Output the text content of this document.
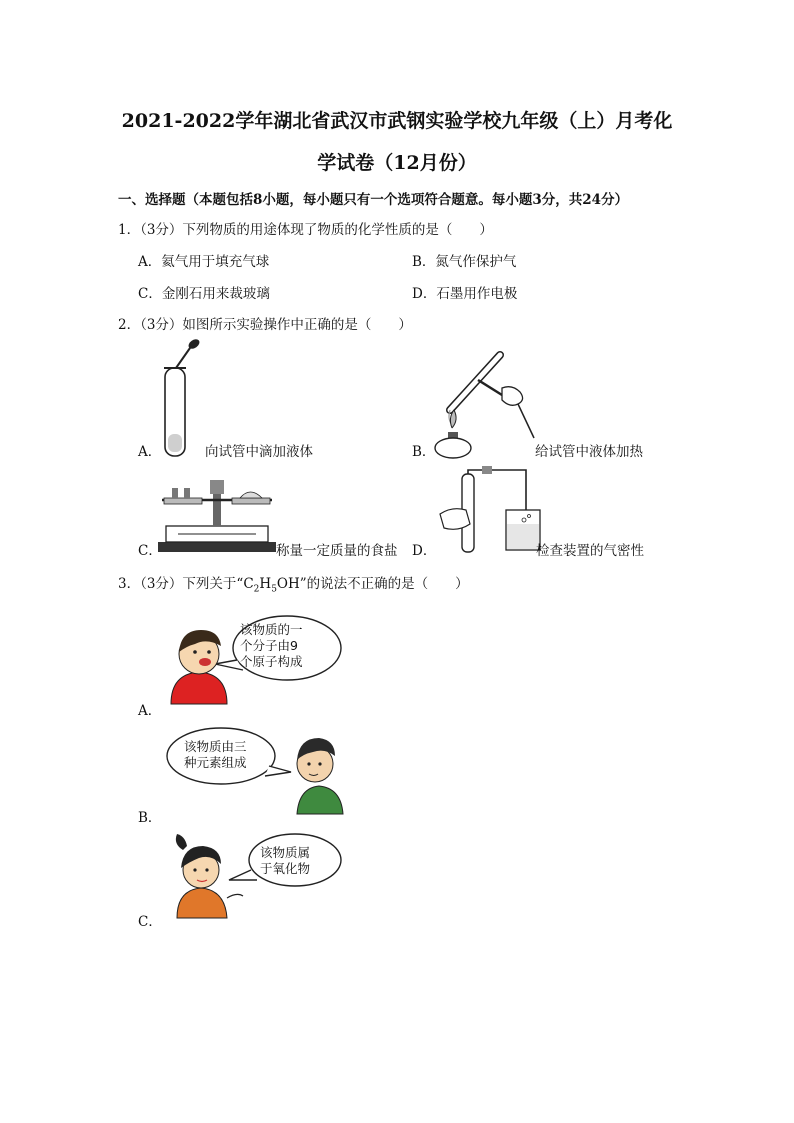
2021-2022学年湖北省武汉市武钢实验学校九年级（上）月考化
学试卷（12月份）
一、选择题（本题包括8小题，每小题只有一个选项符合题意。每小题3分，共24分）
1．（3分）下列物质的用途体现了物质的化学性质的是（　　）
A．氦气用于填充气球	B．氮气作保护气
C．金刚石用来裁玻璃	D．石墨用作电极
2．（3分）如图所示实验操作中正确的是（　　）
A．	向试管中滴加液体	B．	给试管中液体加热
C．	称量一定质量的食盐 D．	检查装置的气密性
3．（3分）下列关于“$C_2H_5OH$”的说法不正确的是（　　）
该物质的一
个分子由9
个原子构成
A．
该物质由三
种元素组成
B．
该物质属
于氧化物
C．
